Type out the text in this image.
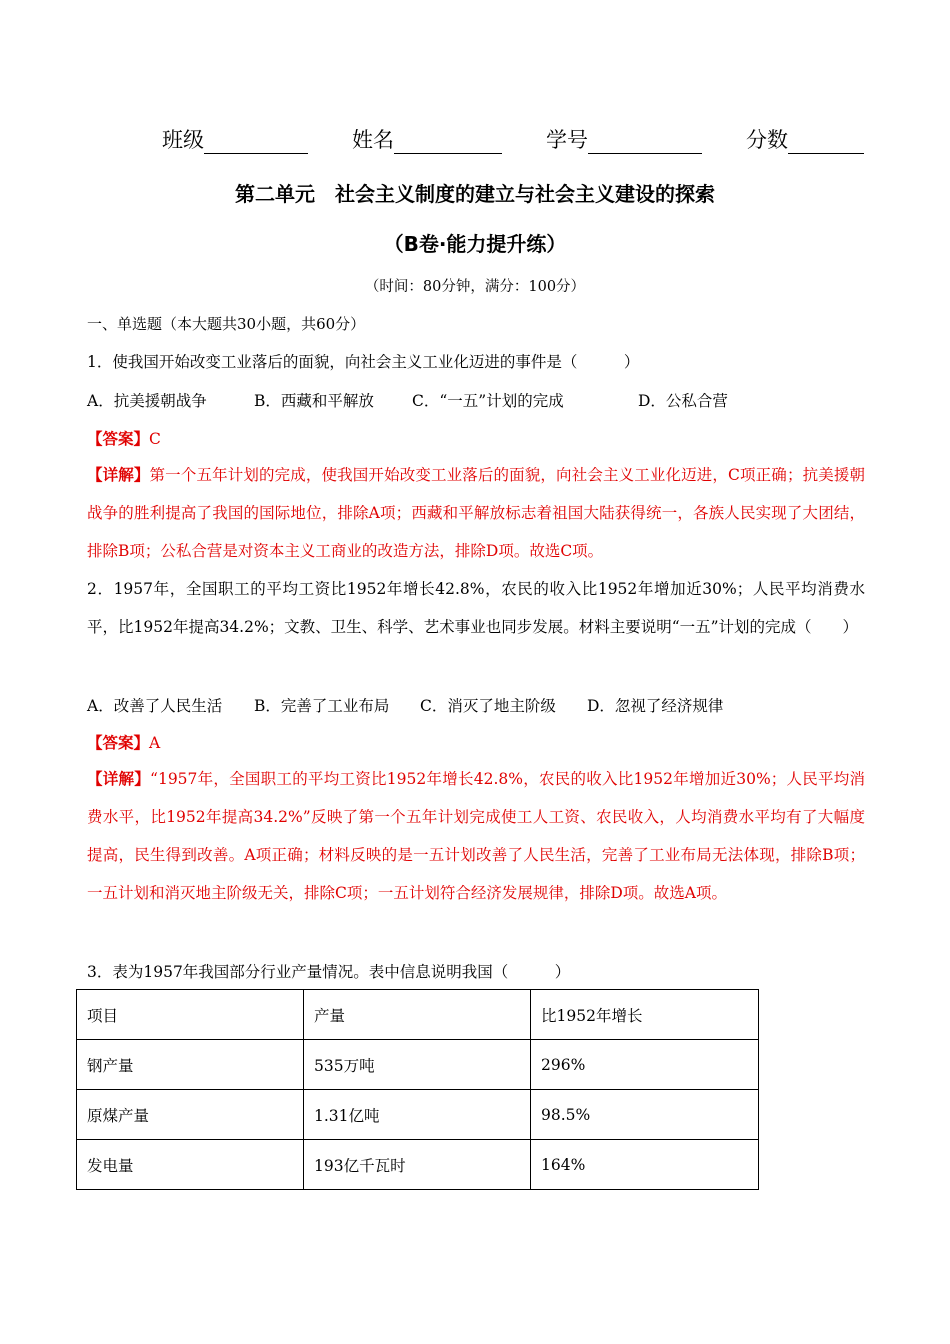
班级	姓名	学号	分数
第二单元　社会主义制度的建立与社会主义建设的探索
（B卷·能力提升练）
（时间：80分钟，满分：100分）
一、单选题（本大题共30小题，共60分）
1．使我国开始改变工业落后的面貌，向社会主义工业化迈进的事件是（　　　）
A．抗美援朝战争	B．西藏和平解放 C．“一五”计划的完成	D．公私合营
【答案】C
【详解】第一个五年计划的完成，使我国开始改变工业落后的面貌，向社会主义工业化迈进，C项正确；抗美援朝战争的胜利提高了我国的国际地位，排除A项；西藏和平解放标志着祖国大陆获得统一，各族人民实现了大团结，排除B项；公私合营是对资本主义工商业的改造方法，排除D项。故选C项。
2．1957年，全国职工的平均工资比1952年增长42.8%，农民的收入比1952年增加近30%；人民平均消费水平，比1952年提高34.2%；文教、卫生、科学、艺术事业也同步发展。材料主要说明“一五”计划的完成（　　）
A．改善了人民生活 B．完善了工业布局 C．消灭了地主阶级 D．忽视了经济规律
【答案】A
【详解】“1957年，全国职工的平均工资比1952年增长42.8%，农民的收入比1952年增加近30%；人民平均消费水平，比1952年提高34.2%”反映了第一个五年计划完成使工人工资、农民收入，人均消费水平均有了大幅度提高，民生得到改善。A项正确；材料反映的是一五计划改善了人民生活，完善了工业布局无法体现，排除B项；一五计划和消灭地主阶级无关，排除C项；一五计划符合经济发展规律，排除D项。故选A项。
3．表为1957年我国部分行业产量情况。表中信息说明我国（　　　）
项目	产量	比1952年增长
钢产量	535万吨	296%
原煤产量	1.31亿吨	98.5%
发电量	193亿千瓦时	164%
